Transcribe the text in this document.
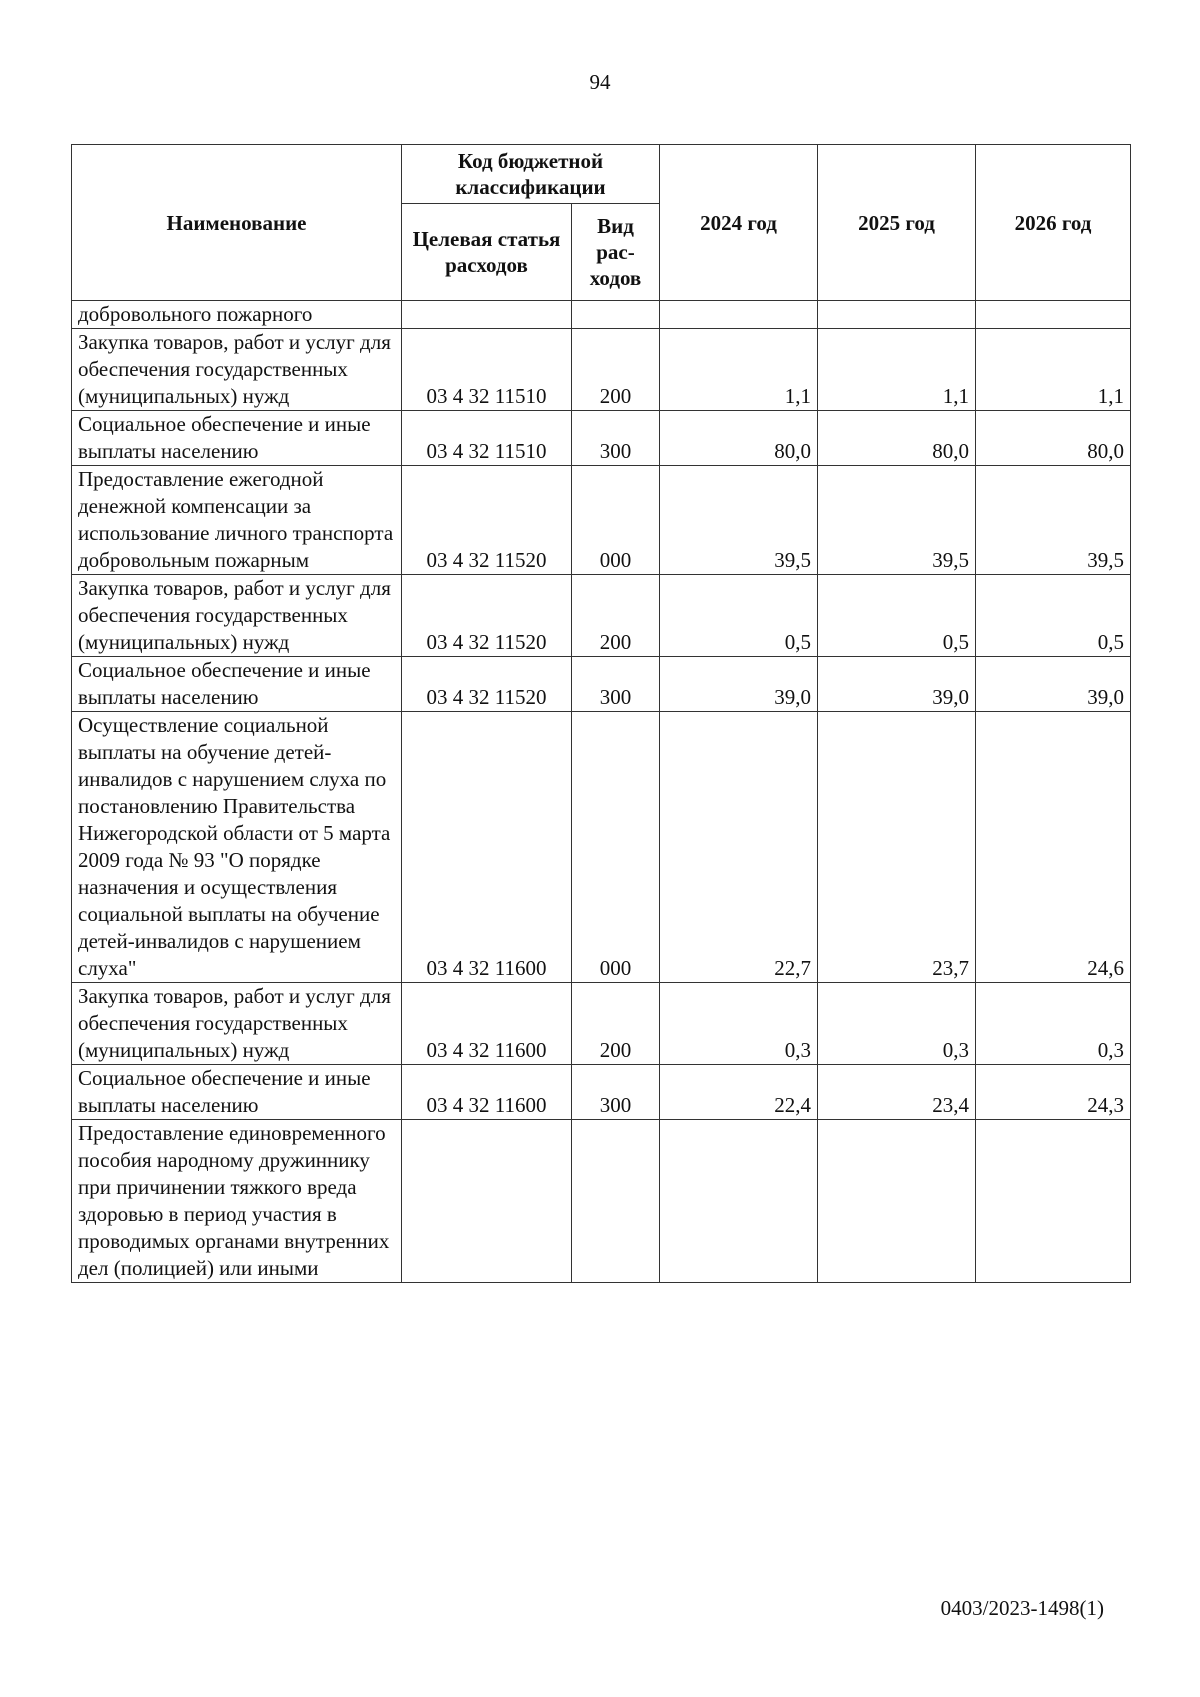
94
Наименование	Код бюджетной классификации		2024 год	2025 год	2026 год
	Целевая статья расходов	Вид рас-ходов			
добровольного пожарного					
Закупка товаров, работ и услуг для обеспечения государственных (муниципальных) нужд	03 4 32 11510	200	1,1	1,1	1,1
Социальное обеспечение и иные выплаты населению	03 4 32 11510	300	80,0	80,0	80,0
Предоставление ежегодной денежной компенсации за использование личного транспорта добровольным пожарным	03 4 32 11520	000	39,5	39,5	39,5
Закупка товаров, работ и услуг для обеспечения государственных (муниципальных) нужд	03 4 32 11520	200	0,5	0,5	0,5
Социальное обеспечение и иные выплаты населению	03 4 32 11520	300	39,0	39,0	39,0
Осуществление социальной выплаты на обучение детей-инвалидов с нарушением слуха по постановлению Правительства Нижегородской области от 5 марта 2009 года № 93 "О порядке назначения и осуществления социальной выплаты на обучение детей-инвалидов с нарушением слуха"	03 4 32 11600	000	22,7	23,7	24,6
Закупка товаров, работ и услуг для обеспечения государственных (муниципальных) нужд	03 4 32 11600	200	0,3	0,3	0,3
Социальное обеспечение и иные выплаты населению	03 4 32 11600	300	22,4	23,4	24,3
Предоставление единовременного пособия народному дружиннику при причинении тяжкого вреда здоровью в период участия в проводимых органами внутренних дел (полицией) или иными					
0403/2023-1498(1)
